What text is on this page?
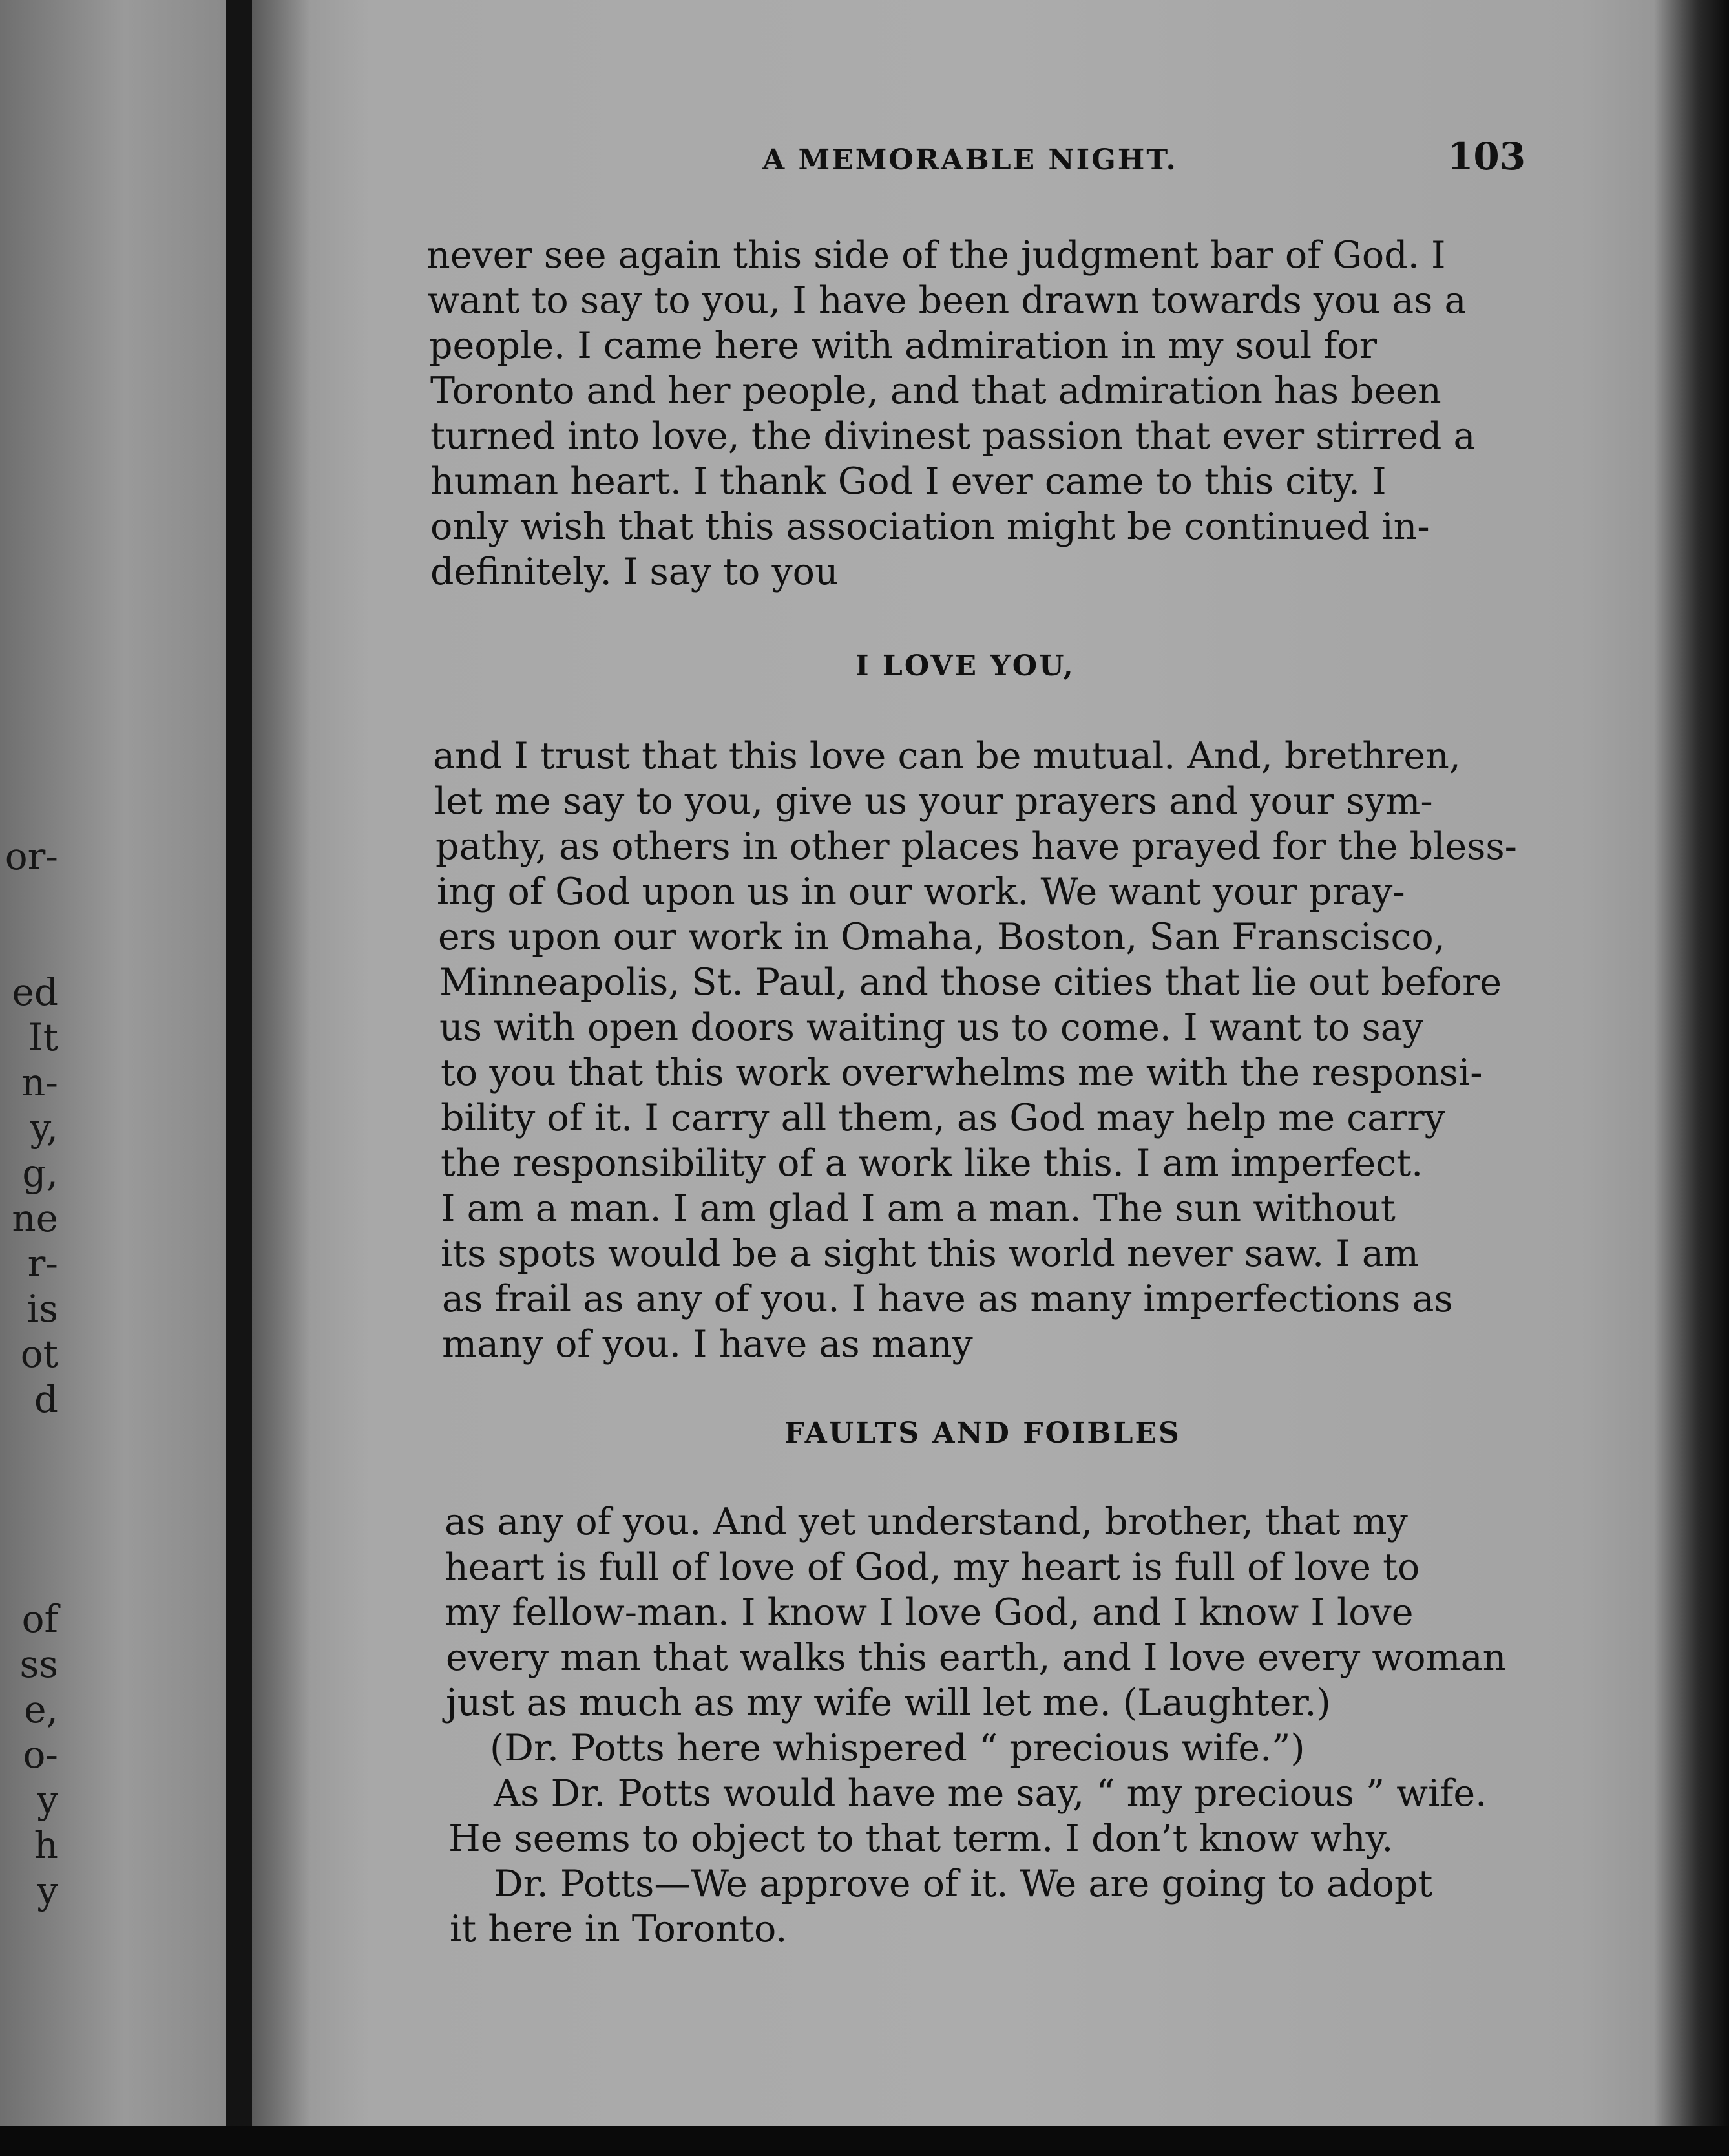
or-
ed
It
n-
y,
g,
ne
r-
is
ot
d
of
ss
e,
o-
y
h
y
A MEMORABLE NIGHT.	103
never see again this side of the judgment bar of God. I
want to say to you, I have been drawn towards you as a
people. I came here with admiration in my soul for
Toronto and her people, and that admiration has been
turned into love, the divinest passion that ever stirred a
human heart. I thank God I ever came to this city. I
only wish that this association might be continued in-
definitely. I say to you
I LOVE YOU,
and I trust that this love can be mutual. And, brethren,
let me say to you, give us your prayers and your sym-
pathy, as others in other places have prayed for the bless-
ing of God upon us in our work. We want your pray-
ers upon our work in Omaha, Boston, San Franscisco,
Minneapolis, St. Paul, and those cities that lie out before
us with open doors waiting us to come. I want to say
to you that this work overwhelms me with the responsi-
bility of it. I carry all them, as God may help me carry
the responsibility of a work like this. I am imperfect.
I am a man. I am glad I am a man. The sun without
its spots would be a sight this world never saw. I am
as frail as any of you. I have as many imperfections as
many of you. I have as many
FAULTS AND FOIBLES
as any of you. And yet understand, brother, that my
heart is full of love of God, my heart is full of love to
my fellow-man. I know I love God, and I know I love
every man that walks this earth, and I love every woman
just as much as my wife will let me. (Laughter.)
(Dr. Potts here whispered “ precious wife.”)
As Dr. Potts would have me say, “ my precious ” wife.
He seems to object to that term. I don’t know why.
Dr. Potts—We approve of it. We are going to adopt
it here in Toronto.
